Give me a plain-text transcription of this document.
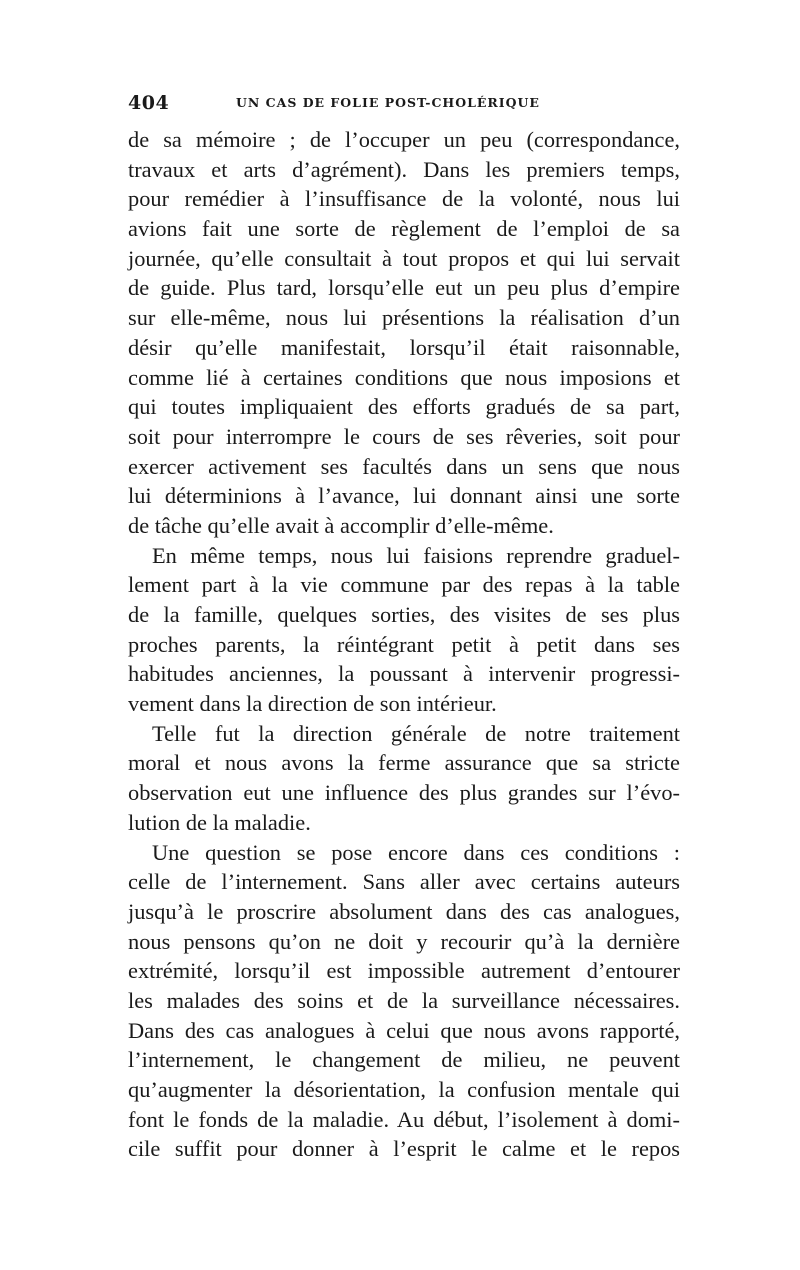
404	UN CAS DE FOLIE POST-CHOLÉRIQUE
de sa mémoire ; de l’occuper un peu (correspondance,
travaux et arts d’agrément). Dans les premiers temps,
pour remédier à l’insuffisance de la volonté, nous lui
avions fait une sorte de règlement de l’emploi de sa
journée, qu’elle consultait à tout propos et qui lui servait
de guide. Plus tard, lorsqu’elle eut un peu plus d’empire
sur elle-même, nous lui présentions la réalisation d’un
désir qu’elle manifestait, lorsqu’il était raisonnable,
comme lié à certaines conditions que nous imposions et
qui toutes impliquaient des efforts gradués de sa part,
soit pour interrompre le cours de ses rêveries, soit pour
exercer activement ses facultés dans un sens que nous
lui déterminions à l’avance, lui donnant ainsi une sorte
de tâche qu’elle avait à accomplir d’elle-même.
En même temps, nous lui faisions reprendre graduel-
lement part à la vie commune par des repas à la table
de la famille, quelques sorties, des visites de ses plus
proches parents, la réintégrant petit à petit dans ses
habitudes anciennes, la poussant à intervenir progressi-
vement dans la direction de son intérieur.
Telle fut la direction générale de notre traitement
moral et nous avons la ferme assurance que sa stricte
observation eut une influence des plus grandes sur l’évo-
lution de la maladie.
Une question se pose encore dans ces conditions :
celle de l’internement. Sans aller avec certains auteurs
jusqu’à le proscrire absolument dans des cas analogues,
nous pensons qu’on ne doit y recourir qu’à la dernière
extrémité, lorsqu’il est impossible autrement d’entourer
les malades des soins et de la surveillance nécessaires.
Dans des cas analogues à celui que nous avons rapporté,
l’internement, le changement de milieu, ne peuvent
qu’augmenter la désorientation, la confusion mentale qui
font le fonds de la maladie. Au début, l’isolement à domi-
cile suffit pour donner à l’esprit le calme et le repos
